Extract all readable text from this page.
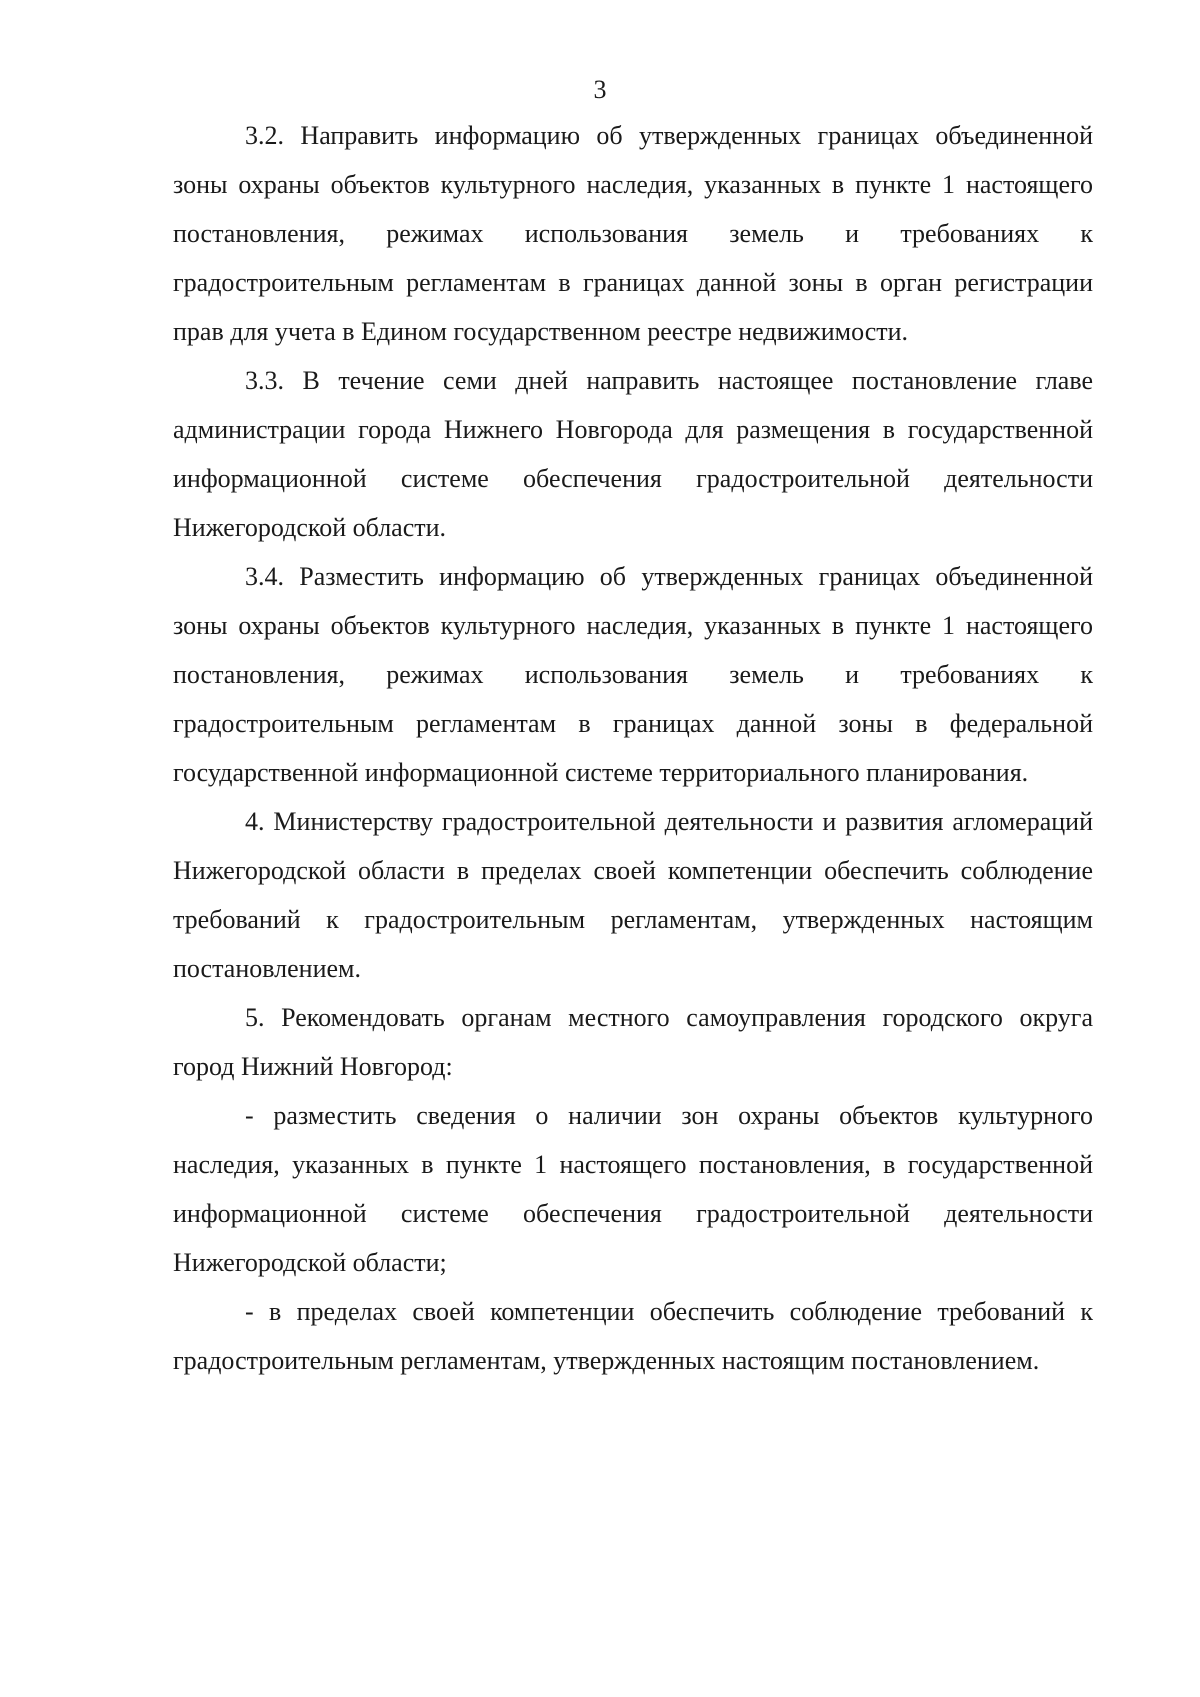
3

3.2. Направить информацию об утвержденных границах объединенной зоны охраны объектов культурного наследия, указанных в пункте 1 настоящего постановления, режимах использования земель и требованиях к градостроительным регламентам в границах данной зоны в орган регистрации прав для учета в Едином государственном реестре недвижимости.

3.3. В течение семи дней направить настоящее постановление главе администрации города Нижнего Новгорода для размещения в государственной информационной системе обеспечения градостроительной деятельности Нижегородской области.

3.4. Разместить информацию об утвержденных границах объединенной зоны охраны объектов культурного наследия, указанных в пункте 1 настоящего постановления, режимах использования земель и требованиях к градостроительным регламентам в границах данной зоны в федеральной государственной информационной системе территориального планирования.

4. Министерству градостроительной деятельности и развития агломераций Нижегородской области в пределах своей компетенции обеспечить соблюдение требований к градостроительным регламентам, утвержденных настоящим постановлением.

5. Рекомендовать органам местного самоуправления городского округа город Нижний Новгород:

- разместить сведения о наличии зон охраны объектов культурного наследия, указанных в пункте 1 настоящего постановления, в государственной информационной системе обеспечения градостроительной деятельности Нижегородской области;

- в пределах своей компетенции обеспечить соблюдение требований к градостроительным регламентам, утвержденных настоящим постановлением.
